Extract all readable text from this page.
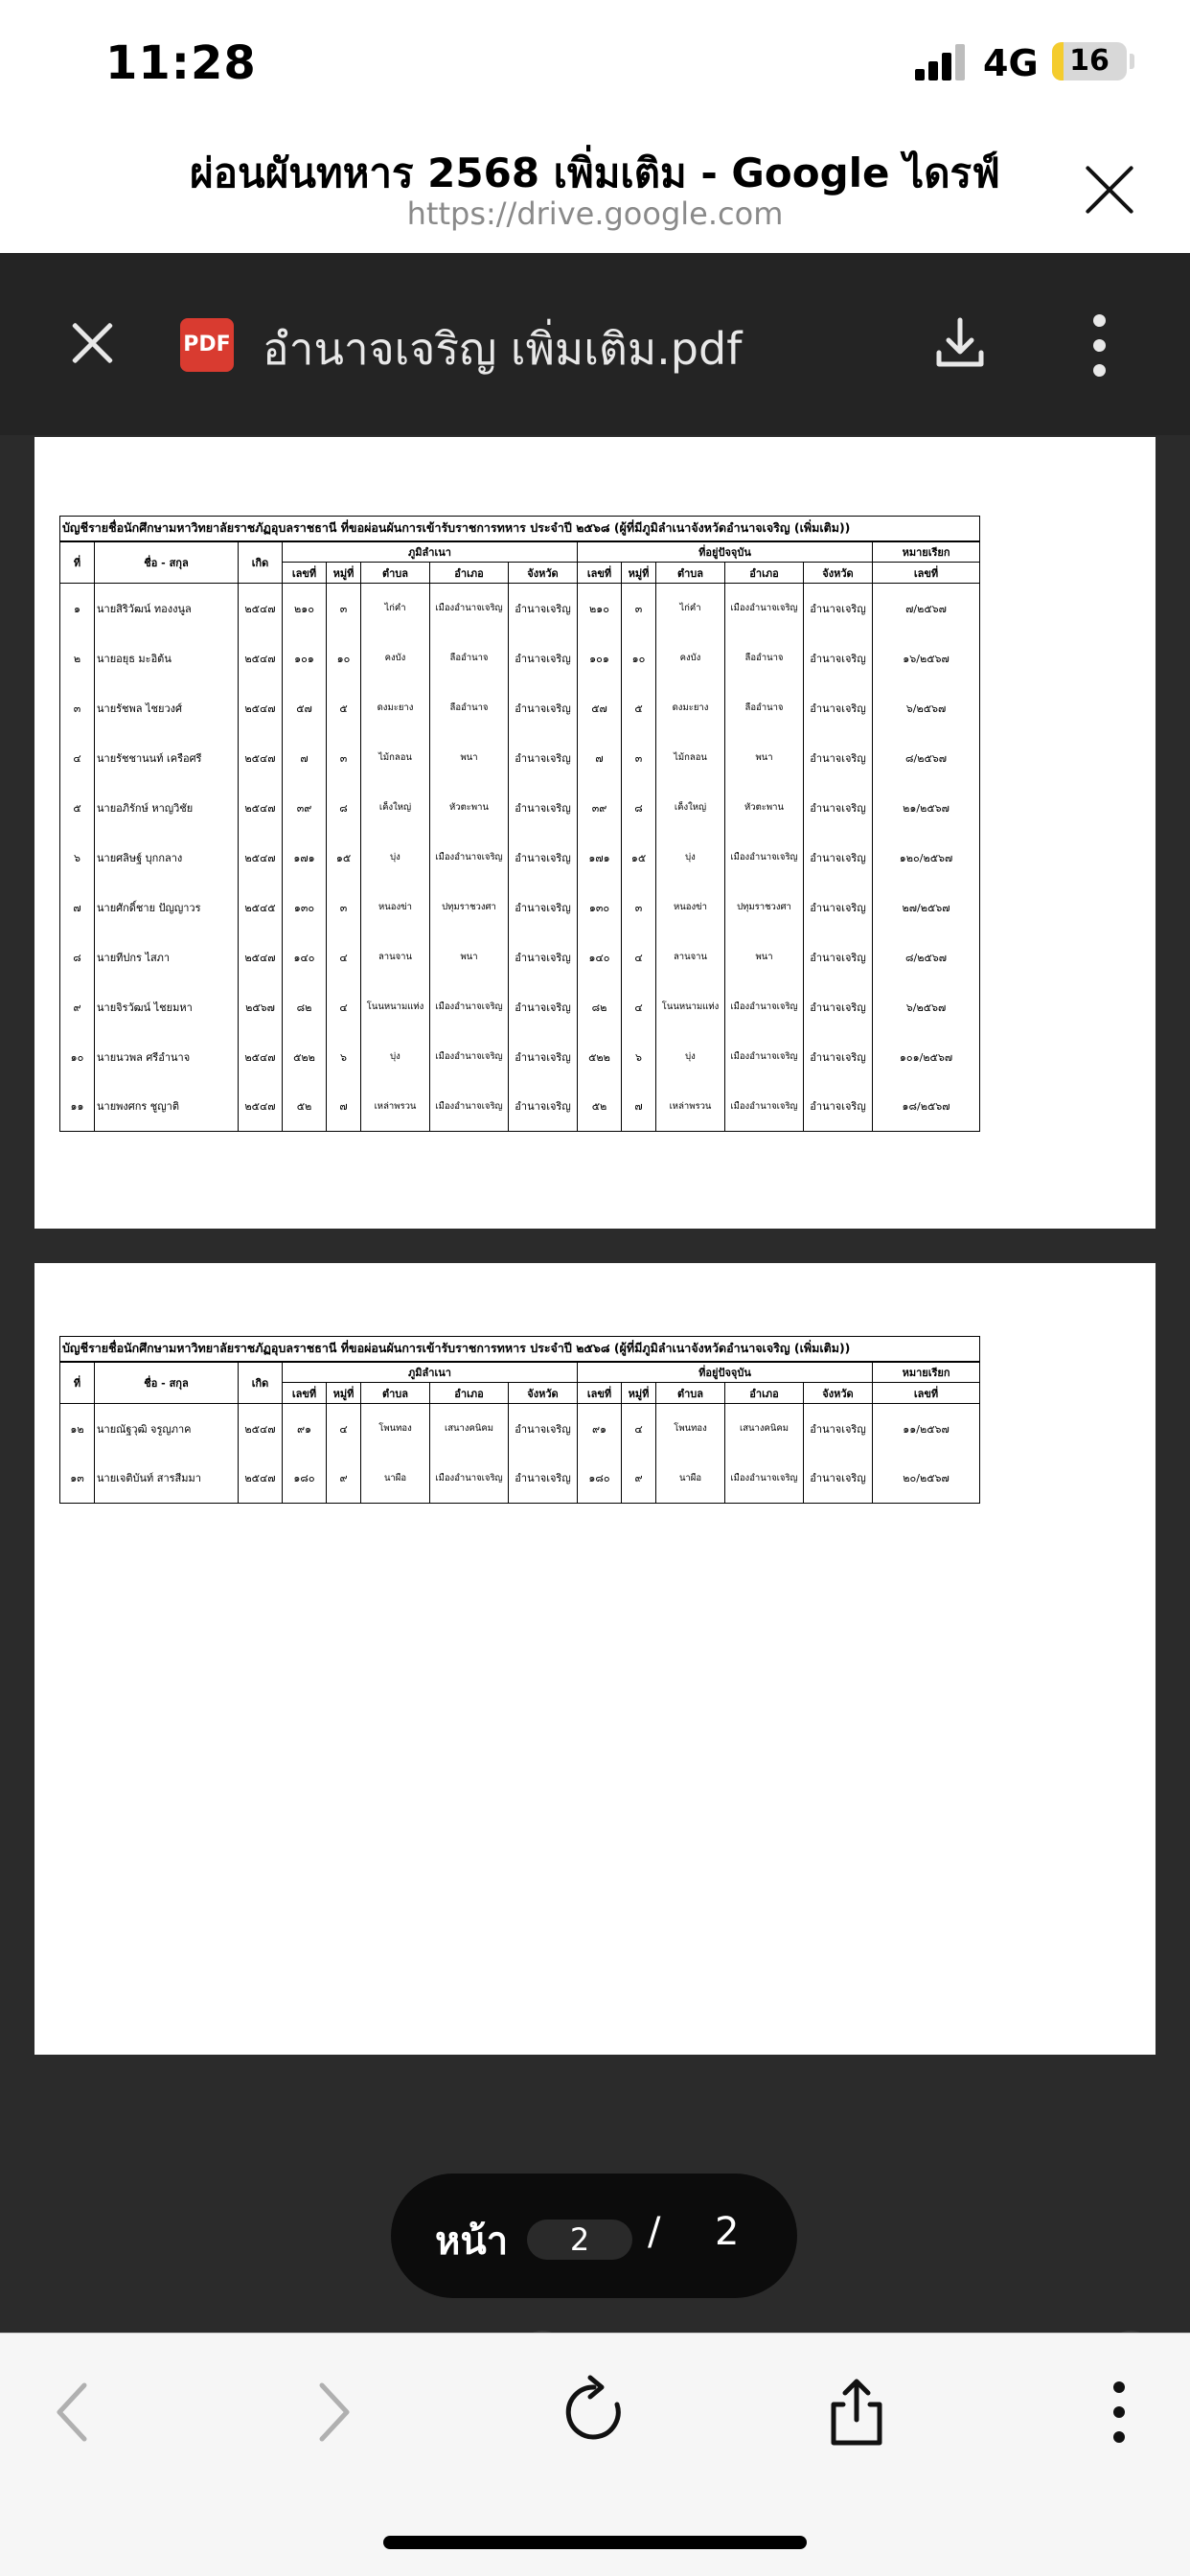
11:28	4G	16
ผ่อนผันทหาร 2568 เพิ่มเติม - Google ไดรฟ์
https://drive.google.com
PDF อำนาจเจริญ เพิ่มเติม.pdf
บัญชีรายชื่อนักศึกษามหาวิทยาลัยราชภัฏอุบลราชธานี ที่ขอผ่อนผันการเข้ารับราชการทหาร ประจำปี ๒๕๖๘ (ผู้ที่มีภูมิลำเนาจังหวัดอำนาจเจริญ (เพิ่มเติม))													
ที่	ชื่อ - สกุล	เกิด	ภูมิลำเนา					ที่อยู่ปัจจุบัน					หมายเรียก
			เลขที่	หมู่ที่	ตำบล	อำเภอ	จังหวัด	เลขที่	หมู่ที่	ตำบล	อำเภอ	จังหวัด	เลขที่
๑	นายสิริวัฒน์ ทองงนูล	๒๕๔๗	๒๑๐	๓	ไก่คำ	เมืองอำนาจเจริญ	อำนาจเจริญ	๒๑๐	๓	ไก่คำ	เมืองอำนาจเจริญ	อำนาจเจริญ	๗/๒๕๖๗
๒	นายอยุธ มะอิต้น	๒๕๔๗	๑๐๑	๑๐	คงบัง	ลืออำนาจ	อำนาจเจริญ	๑๐๑	๑๐	คงบัง	ลืออำนาจ	อำนาจเจริญ	๑๖/๒๕๖๗
๓	นายรัชพล ไชยวงศ์	๒๕๔๗	๕๗	๕	ดงมะยาง	ลืออำนาจ	อำนาจเจริญ	๕๗	๕	ดงมะยาง	ลืออำนาจ	อำนาจเจริญ	๖/๒๕๖๗
๔	นายรัชชานนท์ เครือศรี	๒๕๔๗	๗	๓	ไม้กลอน	พนา	อำนาจเจริญ	๗	๓	ไม้กลอน	พนา	อำนาจเจริญ	๘/๒๕๖๗
๕	นายอภิรักษ์ หาญวิชัย	๒๕๔๗	๓๙	๘	เค็งใหญ่	หัวตะพาน	อำนาจเจริญ	๓๙	๘	เค็งใหญ่	หัวตะพาน	อำนาจเจริญ	๒๑/๒๕๖๗
๖	นายศลิษฐ์ บุกกลาง	๒๕๔๗	๑๗๑	๑๕	บุ่ง	เมืองอำนาจเจริญ	อำนาจเจริญ	๑๗๑	๑๕	บุ่ง	เมืองอำนาจเจริญ	อำนาจเจริญ	๑๒๐/๒๕๖๗
๗	นายศักดิ์ชาย ปัญญาวร	๒๕๔๕	๑๓๐	๓	หนองข่า	ปทุมราชวงศา	อำนาจเจริญ	๑๓๐	๓	หนองข่า	ปทุมราชวงศา	อำนาจเจริญ	๒๗/๒๕๖๗
๘	นายทีปกร ไสภา	๒๕๔๗	๑๔๐	๔	ลานจาน	พนา	อำนาจเจริญ	๑๔๐	๔	ลานจาน	พนา	อำนาจเจริญ	๘/๒๕๖๗
๙	นายจิรวัฒน์ ไชยมหา	๒๕๖๗	๘๒	๔	โนนหนามแท่ง	เมืองอำนาจเจริญ	อำนาจเจริญ	๘๒	๔	โนนหนามแท่ง	เมืองอำนาจเจริญ	อำนาจเจริญ	๖/๒๕๖๗
๑๐	นายนวพล ศรีอำนาจ	๒๕๔๗	๕๒๒	๖	บุ่ง	เมืองอำนาจเจริญ	อำนาจเจริญ	๕๒๒	๖	บุ่ง	เมืองอำนาจเจริญ	อำนาจเจริญ	๑๐๑/๒๕๖๗
๑๑	นายพงศกร ชูญาติ	๒๕๔๗	๕๒	๗	เหล่าพรวน	เมืองอำนาจเจริญ	อำนาจเจริญ	๕๒	๗	เหล่าพรวน	เมืองอำนาจเจริญ	อำนาจเจริญ	๑๘/๒๕๖๗
บัญชีรายชื่อนักศึกษามหาวิทยาลัยราชภัฏอุบลราชธานี ที่ขอผ่อนผันการเข้ารับราชการทหาร ประจำปี ๒๕๖๘ (ผู้ที่มีภูมิลำเนาจังหวัดอำนาจเจริญ (เพิ่มเติม))													
ที่	ชื่อ - สกุล	เกิด	ภูมิลำเนา					ที่อยู่ปัจจุบัน					หมายเรียก
			เลขที่	หมู่ที่	ตำบล	อำเภอ	จังหวัด	เลขที่	หมู่ที่	ตำบล	อำเภอ	จังหวัด	เลขที่
๑๒	นายณัฐวุฒิ จรูญภาค	๒๕๔๗	๙๑	๔	โพนทอง	เสนางคนิคม	อำนาจเจริญ	๙๑	๔	โพนทอง	เสนางคนิคม	อำนาจเจริญ	๑๑/๒๕๖๗
๑๓	นายเจติบันท์ สารสีมมา	๒๕๔๗	๑๘๐	๙	นาผือ	เมืองอำนาจเจริญ	อำนาจเจริญ	๑๘๐	๙	นาผือ	เมืองอำนาจเจริญ	อำนาจเจริญ	๒๐/๒๕๖๗
หน้า	2	/ 2
